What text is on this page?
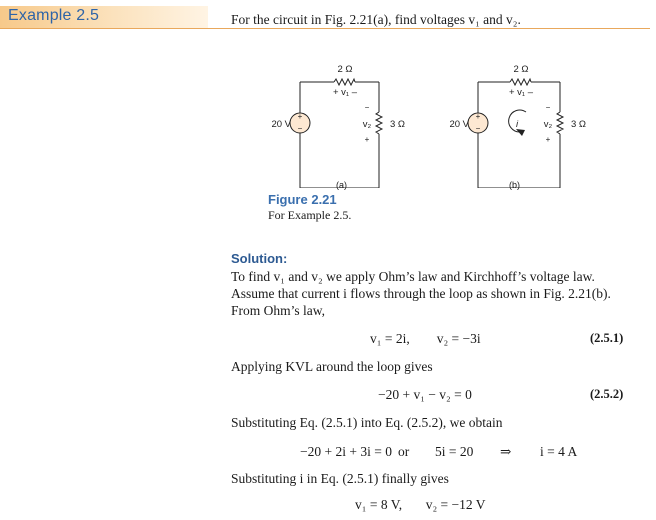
Example 2.5	For the circuit in Fig. 2.21(a), find voltages v₁ and v₂.
+
−
2 Ω
+ v₁ –
20 V
−
v₂
+
3 Ω
(a)
+
−
2 Ω
+ v₁ –
20 V	i
−
v₂
+
3 Ω
(b)
Figure 2.21
For Example 2.5.
Solution:
To find v₁ and v₂ we apply Ohm’s law and Kirchhoff’s voltage law.
Assume that current i flows through the loop as shown in Fig. 2.21(b).
From Ohm’s law,
v₁ = 2i,        v₂ = −3i	(2.5.1)
Applying KVL around the loop gives
−20 + v₁ − v₂ = 0	(2.5.2)
Substituting Eq. (2.5.1) into Eq. (2.5.2), we obtain
−20 + 2i + 3i = 0 or 5i = 20 ⇒ i = 4 A
Substituting i in Eq. (2.5.1) finally gives
v₁ = 8 V,       v₂ = −12 V
